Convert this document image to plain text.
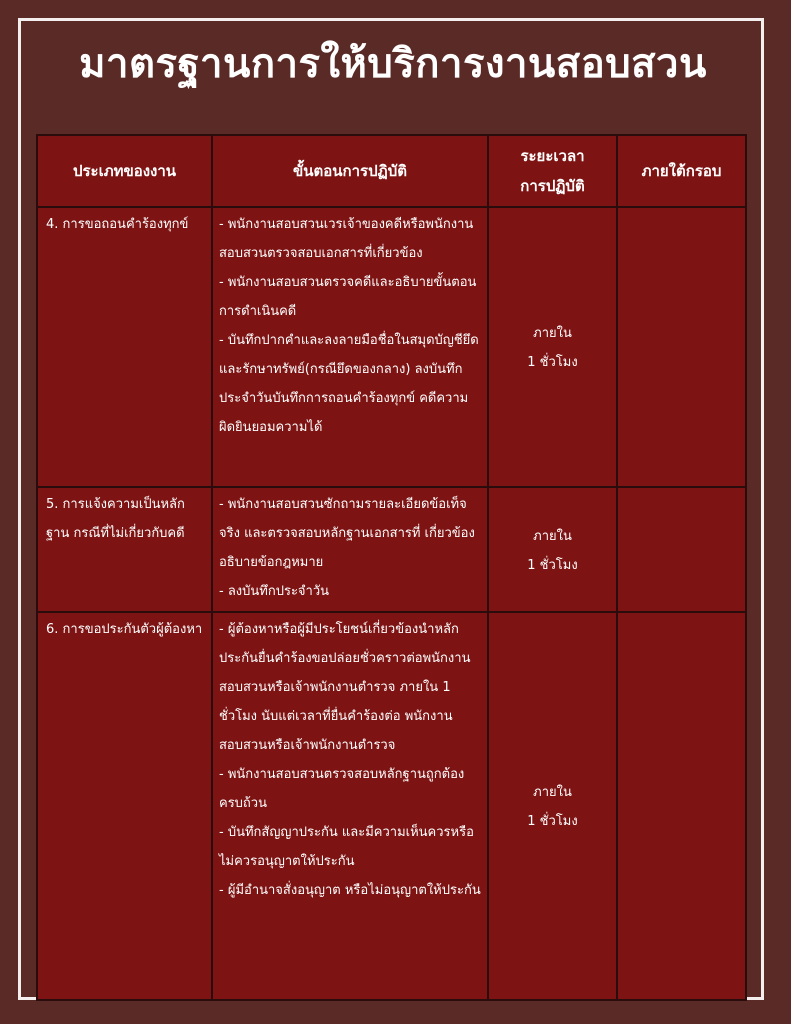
มาตรฐานการให้บริการงานสอบสวน
ประเภทของงาน	ขั้นตอนการปฏิบัติ	ระยะเวลา
การปฏิบัติ	ภายใต้กรอบ
4. การขอถอนคำร้องทุกข์	- พนักงานสอบสวนเวรเจ้าของคดีหรือพนักงานสอบสวนตรวจสอบเอกสารที่เกี่ยวข้อง
- พนักงานสอบสวนตรวจคดีและอธิบายขั้นตอนการดำเนินคดี
- บันทึกปากคำและลงลายมือชื่อในสมุดบัญชียึดและรักษาทรัพย์(กรณียึดของกลาง) ลงบันทึกประจำวันบันทึกการถอนคำร้องทุกข์ คดีความผิดยินยอมความได้	ภายใน
1 ชั่วโมง	

5. การแจ้งความเป็นหลักฐาน กรณีที่ไม่เกี่ยวกับคดี	- พนักงานสอบสวนซักถามรายละเอียดข้อเท็จจริง และตรวจสอบหลักฐานเอกสารที่ เกี่ยวข้อง อธิบายข้อกฎหมาย
- ลงบันทึกประจำวัน	ภายใน
1 ชั่วโมง	

6. การขอประกันตัวผู้ต้องหา	- ผู้ต้องหาหรือผู้มีประโยชน์เกี่ยวข้องนำหลักประกันยื่นคำร้องขอปล่อยชั่วคราวต่อพนักงานสอบสวนหรือเจ้าพนักงานตำรวจ ภายใน 1 ชั่วโมง นับแต่เวลาที่ยื่นคำร้องต่อ พนักงานสอบสวนหรือเจ้าพนักงานตำรวจ
- พนักงานสอบสวนตรวจสอบหลักฐานถูกต้องครบถ้วน
- บันทึกสัญญาประกัน และมีความเห็นควรหรือไม่ควรอนุญาตให้ประกัน
- ผู้มีอำนาจสั่งอนุญาต หรือไม่อนุญาตให้ประกัน	ภายใน
1 ชั่วโมง	
